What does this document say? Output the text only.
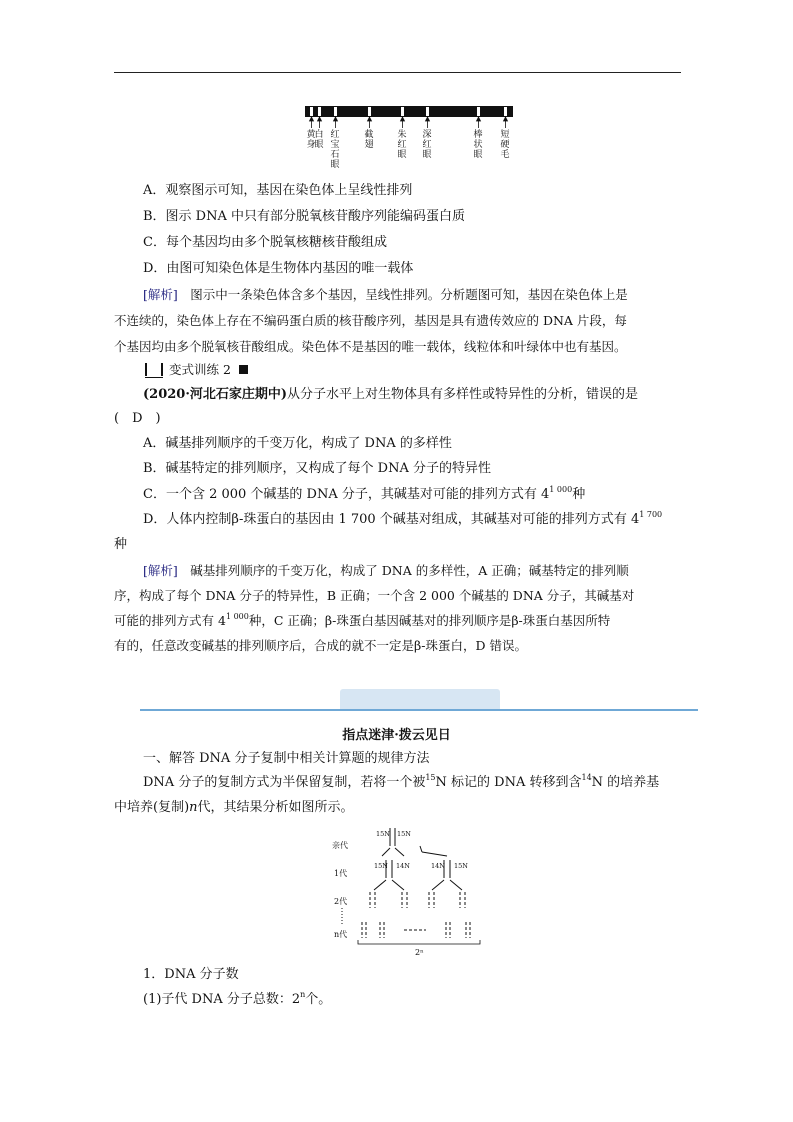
黄身
白眼
红宝石眼
截翅
朱红眼
深红眼
棒状眼
短硬毛
A．观察图示可知，基因在染色体上呈线性排列
B．图示 DNA 中只有部分脱氧核苷酸序列能编码蛋白质
C．每个基因均由多个脱氧核糖核苷酸组成
D．由图可知染色体是生物体内基因的唯一载体
[解析]　 图示中一条染色体含多个基因，呈线性排列。分析题图可知，基因在染色体上是
不连续的，染色体上存在不编码蛋白质的核苷酸序列，基因是具有遗传效应的 DNA 片段，每
个基因均由多个脱氧核苷酸组成。染色体不是基因的唯一载体，线粒体和叶绿体中也有基因。
变式训练 2
(2020·河北石家庄期中)从分子水平上对生物体具有多样性或特异性的分析，错误的是
(　D　)
A．碱基排列顺序的千变万化，构成了 DNA 的多样性
B．碱基特定的排列顺序，又构成了每个 DNA 分子的特异性
C．一个含 2 000 个碱基的 DNA 分子，其碱基对可能的排列方式有 $4^{1 000}$种
D．人体内控制β-珠蛋白的基因由 1 700 个碱基对组成，其碱基对可能的排列方式有 $4^{1 700}$
种
[解析]　 碱基排列顺序的千变万化，构成了 DNA 的多样性，A 正确；碱基特定的排列顺
序，构成了每个 DNA 分子的特异性，B 正确；一个含 2 000 个碱基的 DNA 分子，其碱基对
可能的排列方式有 $4^{1 000}$种，C 正确；β-珠蛋白基因碱基对的排列顺序是β-珠蛋白基因所特
有的，任意改变碱基的排列顺序后，合成的就不一定是β-珠蛋白，D 错误。
指点迷津·拨云见日
一、解答 DNA 分子复制中相关计算题的规律方法
DNA 分子的复制方式为半保留复制，若将一个被$^{15}$N 标记的 DNA 转移到含$^{14}$N 的培养基
中培养(复制)n代，其结果分析如图所示。
亲代
1代
2代
n代
15N 15N
15N 14N	14N 15N
2ⁿ
1．DNA 分子数
(1)子代 DNA 分子总数：2$^n$个。
